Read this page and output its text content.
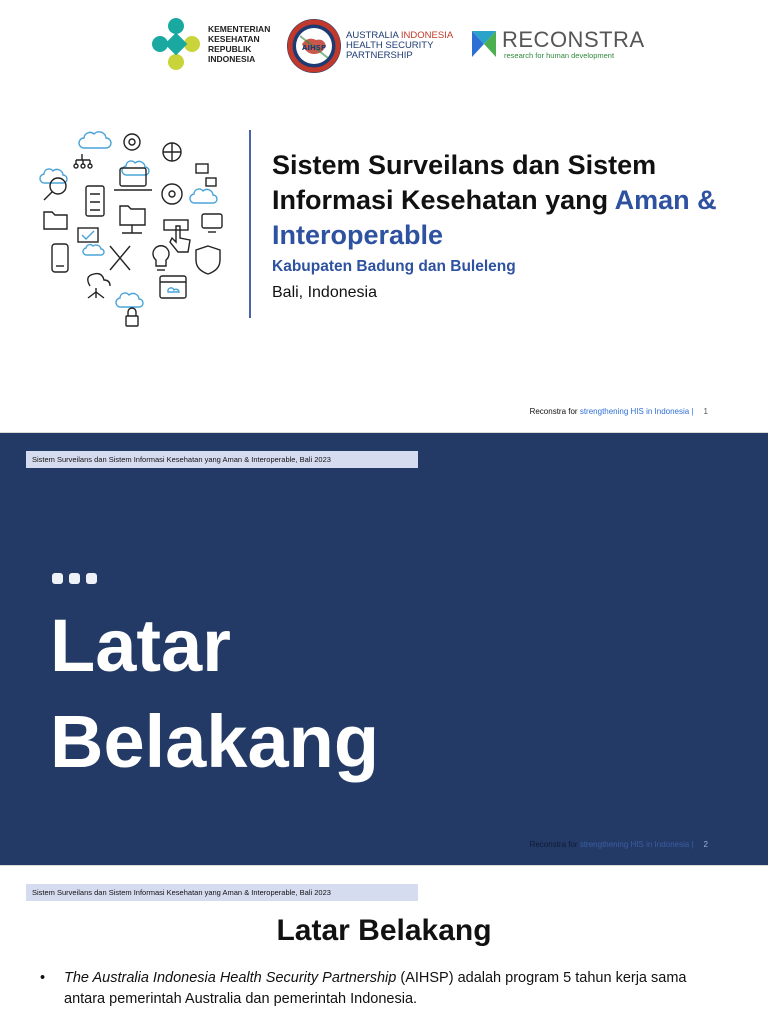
KEMENTERIAN
KESEHATAN
REPUBLIK
INDONESIA
AIHSP
AUSTRALIA INDONESIA
HEALTH SECURITY
PARTNERSHIP
RECONSTRA
research for human development
Sistem Surveilans dan Sistem Informasi Kesehatan yang Aman & Interoperable
Kabupaten Badung dan Buleleng
Bali, Indonesia
Reconstra for strengthening HIS in Indonesia | 1
Sistem Surveilans dan Sistem Informasi Kesehatan yang Aman & Interoperable, Bali 2023
Latar
Belakang
Reconstra for strengthening HIS in Indonesia | 2
Sistem Surveilans dan Sistem Informasi Kesehatan yang Aman & Interoperable, Bali 2023
Latar Belakang
•	The Australia Indonesia Health Security Partnership (AIHSP) adalah program 5 tahun kerja sama antara pemerintah Australia dan pemerintah Indonesia.
